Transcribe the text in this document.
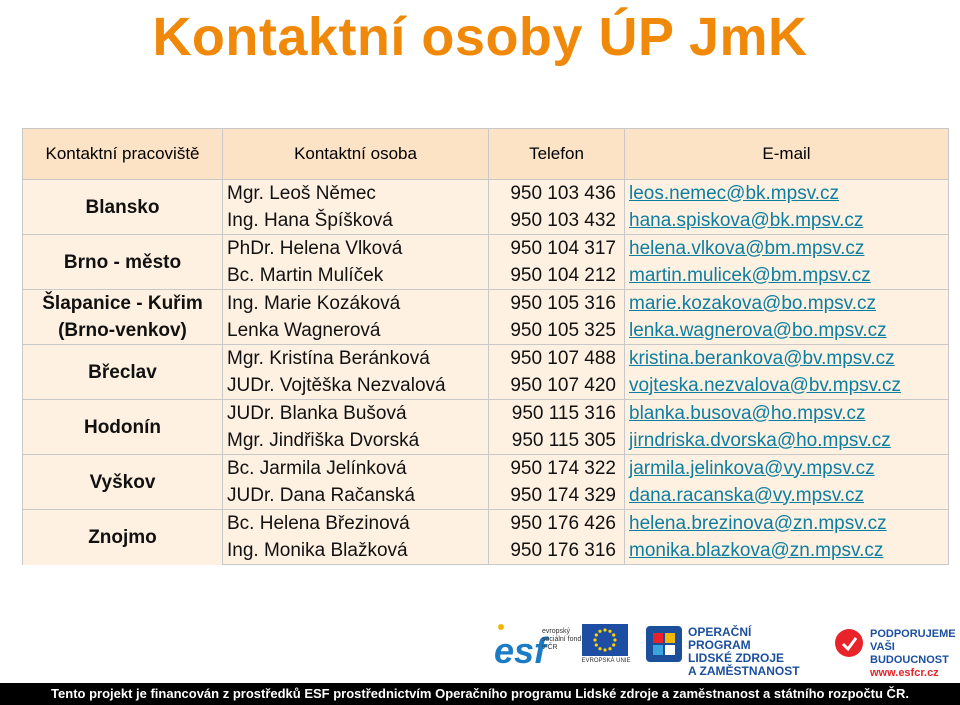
Kontaktní osoby ÚP JmK
Kontaktní pracoviště	Kontaktní osoba	Telefon	E-mail

Blansko	Mgr. Leoš Němec	950 103 436	leos.nemec@bk.mpsv.cz
	Ing. Hana Špíšková	950 103 432	hana.spiskova@bk.mpsv.cz

Brno - město	PhDr. Helena Vlková	950 104 317	helena.vlkova@bm.mpsv.cz
	Bc. Martin Mulíček	950 104 212	martin.mulicek@bm.mpsv.cz

Šlapanice - Kuřim
(Brno-venkov)	Ing. Marie Kozáková	950 105 316	marie.kozakova@bo.mpsv.cz
	Lenka Wagnerová	950 105 325	lenka.wagnerova@bo.mpsv.cz

Břeclav	Mgr. Kristína Beránková	950 107 488	kristina.berankova@bv.mpsv.cz
	JUDr. Vojtěška Nezvalová	950 107 420	vojteska.nezvalova@bv.mpsv.cz

Hodonín	JUDr. Blanka Bušová	950 115 316	blanka.busova@ho.mpsv.cz
	Mgr. Jindřiška Dvorská	950 115 305	jirndriska.dvorska@ho.mpsv.cz

Vyškov	Bc. Jarmila Jelínková	950 174 322	jarmila.jelinkova@vy.mpsv.cz
	JUDr. Dana Račanská	950 174 329	dana.racanska@vy.mpsv.cz

Znojmo	Bc. Helena Březinová	950 176 426	helena.brezinova@zn.mpsv.cz
	Ing. Monika Blažková	950 176 316	monika.blazkova@zn.mpsv.cz
esf
evropský sociální fond v ČR
EVROPSKÁ UNIE
OPERAČNÍ PROGRAM
LIDSKÉ ZDROJE
A ZAMĚSTNANOST
PODPORUJEME
VAŠI BUDOUCNOST
www.esfcr.cz
Tento projekt je financován z prostředků ESF prostřednictvím Operačního programu Lidské zdroje a zaměstnanost a státního rozpočtu ČR.
